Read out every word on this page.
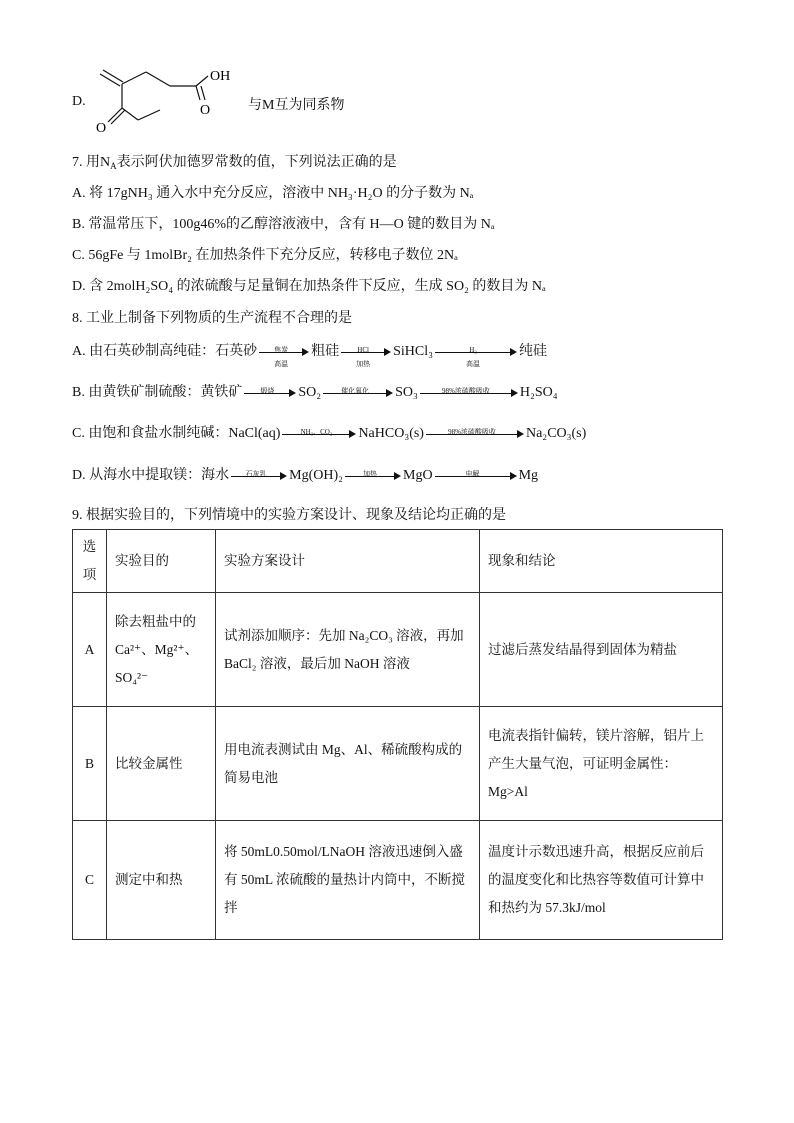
D.
OH
O
O
与M互为同系物
7. 用$N_A$表示阿伏加德罗常数的值，下列说法正确的是
A. 将 17gNH₃ 通入水中充分反应，溶液中 NH₃·H₂O 的分子数为 Nₐ
B. 常温常压下，100g46%的乙醇溶液液中，含有 H—O 键的数目为 Nₐ
C. 56gFe 与 1molBr₂ 在加热条件下充分反应，转移电子数位 2Nₐ
D. 含 2molH₂SO₄ 的浓硫酸与足量铜在加热条件下反应，生成 SO₂ 的数目为 Nₐ
8. 工业上制备下列物质的生产流程不合理的是
A. 由石英砂制高纯硅：石英砂	焦炭
高温
粗硅	HCl
加热
SiHCl₃	H₂
高温
纯硅
B. 由黄铁矿制硫酸：黄铁矿	煅烧	SO₂	催化氧化	SO₃	98%浓硫酸吸收	H₂SO₄
C. 由饱和食盐水制纯碱：NaCl(aq)	NH₃、CO₂	NaHCO₃(s)	98%浓硫酸吸收	Na₂CO₃(s)
D. 从海水中提取镁：海水	石灰乳	Mg(OH)₂	加热	MgO	电解	Mg
9. 根据实验目的，下列情境中的实验方案设计、现象及结论均正确的是
选项	实验目的	实验方案设计	现象和结论
A	除去粗盐中的 Ca²⁺、Mg²⁺、SO₄²⁻	试剂添加顺序：先加 Na₂CO₃ 溶液，再加 BaCl₂ 溶液，最后加 NaOH 溶液	过滤后蒸发结晶得到固体为精盐
B	比较金属性	用电流表测试由 Mg、Al、稀硫酸构成的简易电池	电流表指针偏转，镁片溶解，铝片上产生大量气泡，可证明金属性：Mg>Al
C	测定中和热	将 50mL0.50mol/LNaOH 溶液迅速倒入盛有 50mL 浓硫酸的量热计内筒中，不断搅拌	温度计示数迅速升高，根据反应前后的温度变化和比热容等数值可计算中和热约为 57.3kJ/mol
